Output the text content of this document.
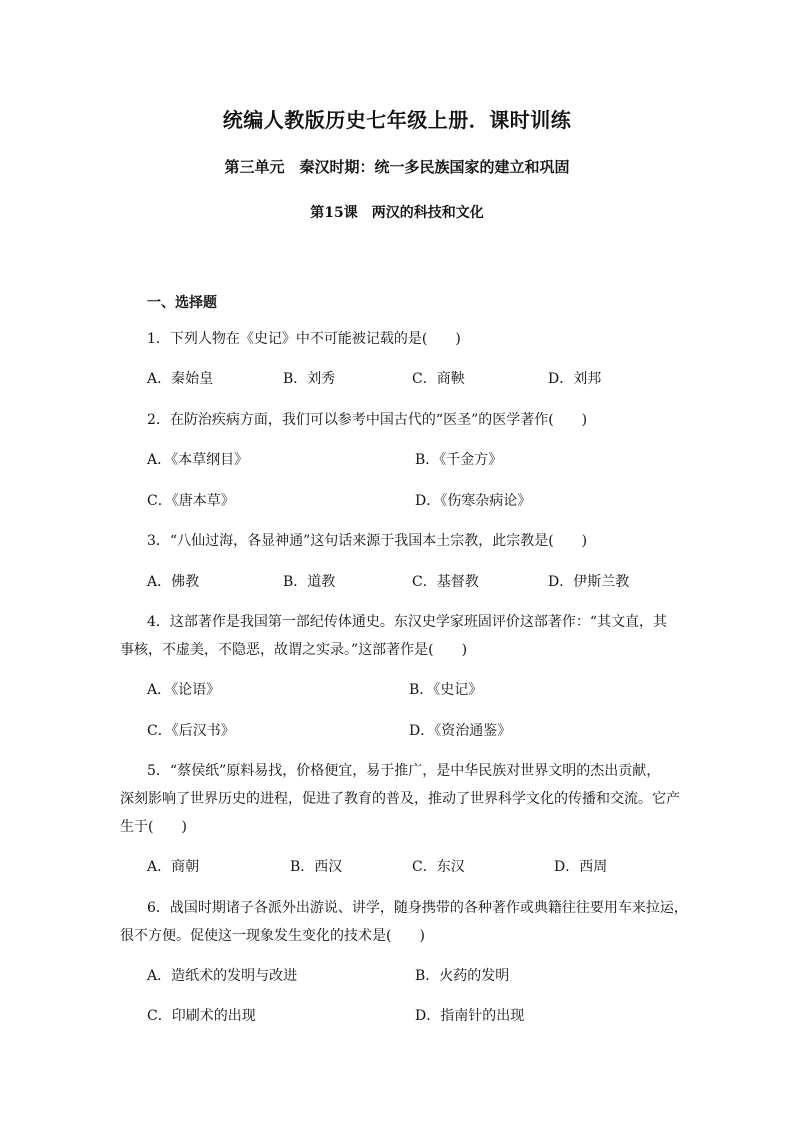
统编人教版历史七年级上册．课时训练
第三单元　秦汉时期：统一多民族国家的建立和巩固
第15课　两汉的科技和文化
一、选择题
1．下列人物在《史记》中不可能被记载的是(　　)
A．秦始皇	B．刘秀	C．商鞅	D．刘邦
2．在防治疾病方面，我们可以参考中国古代的“医圣”的医学著作(　　)
A．《本草纲目》	B．《千金方》
C．《唐本草》	D．《伤寒杂病论》
3．“八仙过海，各显神通”这句话来源于我国本土宗教，此宗教是(　　)
A．佛教	B．道教	C．基督教	D．伊斯兰教
4．这部著作是我国第一部纪传体通史。东汉史学家班固评价这部著作：“其文直，其
事核，不虚美，不隐恶，故谓之实录。”这部著作是(　　)
A．《论语》	B．《史记》
C．《后汉书》	D．《资治通鉴》
5．“蔡侯纸”原料易找，价格便宜，易于推广，是中华民族对世界文明的杰出贡献，
深刻影响了世界历史的进程，促进了教育的普及，推动了世界科学文化的传播和交流。它产
生于(　　)
A．商朝	B．西汉	C．东汉	D．西周
6．战国时期诸子各派外出游说、讲学，随身携带的各种著作或典籍往往要用车来拉运，
很不方便。促使这一现象发生变化的技术是(　　)
A．造纸术的发明与改进	B．火药的发明
C．印刷术的出现	D．指南针的出现
